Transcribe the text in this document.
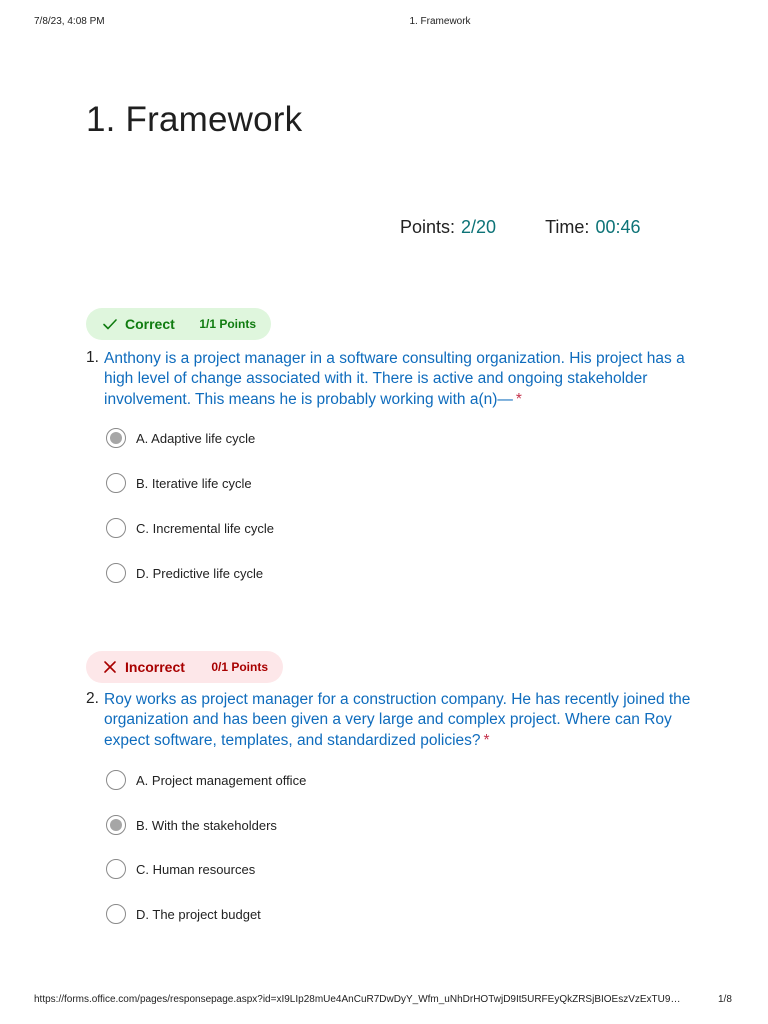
7/8/23, 4:08 PM	1. Framework
1. Framework
Points: 2/20	Time: 00:46
Correct 1/1 Points
1. Anthony is a project manager in a software consulting organization. His project has a high level of change associated with it. There is active and ongoing stakeholder involvement. This means he is probably working with a(n)— *
A. Adaptive life cycle
B. Iterative life cycle
C. Incremental life cycle
D. Predictive life cycle
Incorrect 0/1 Points
2. Roy works as project manager for a construction company. He has recently joined the organization and has been given a very large and complex project. Where can Roy expect software, templates, and standardized policies? *
A. Project management office
B. With the stakeholders
C. Human resources
D. The project budget
https://forms.office.com/pages/responsepage.aspx?id=xI9LIp28mUe4AnCuR7DwDyY_Wfm_uNhDrHOTwjD9It5URFEyQkZRSjBIOEszVzExTU9…	1/8
